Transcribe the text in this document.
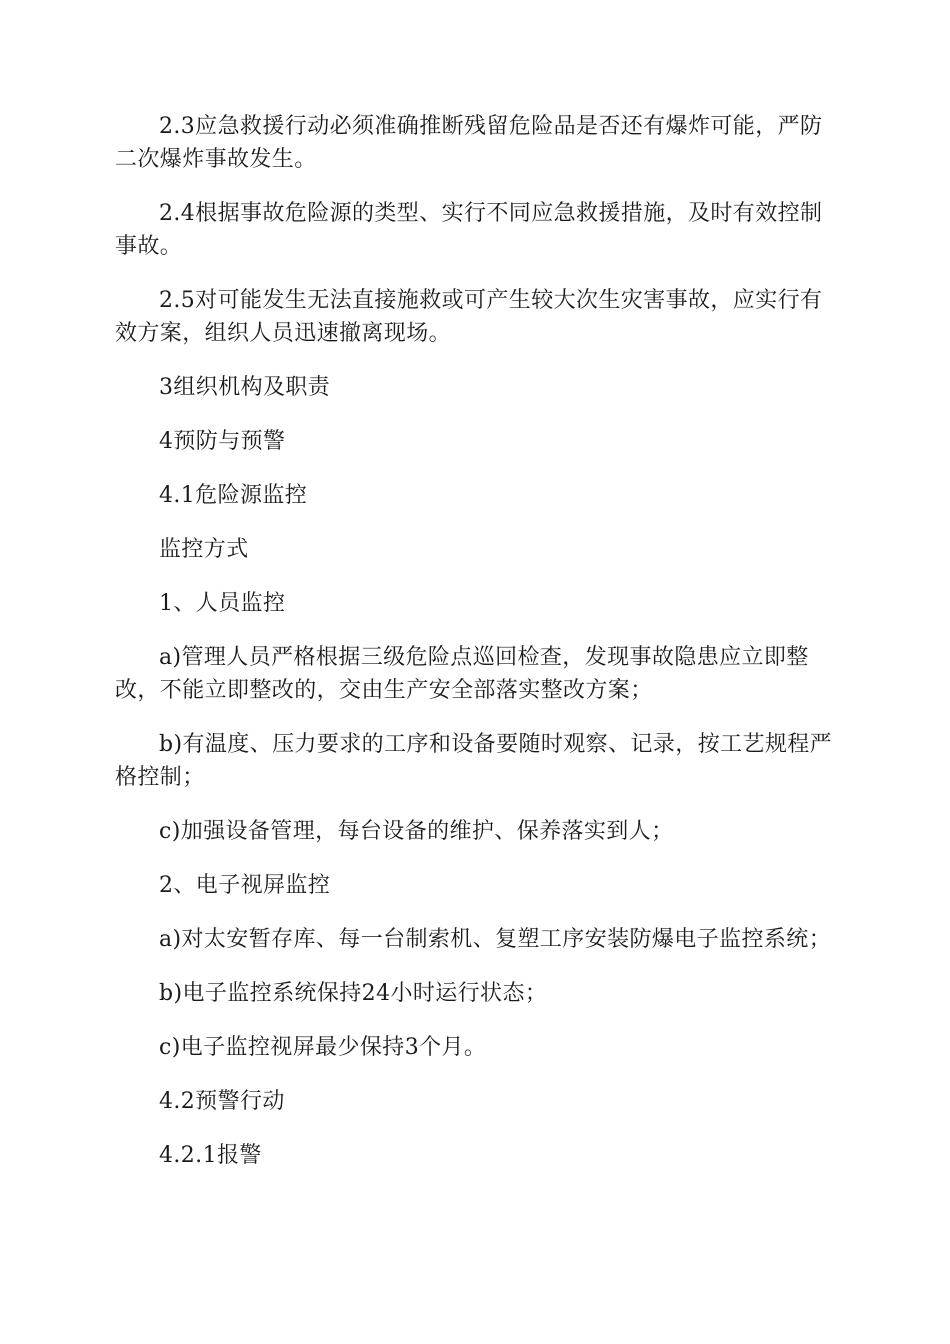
2.3应急救援行动必须准确推断残留危险品是否还有爆炸可能，严防二次爆炸事故发生。

2.4根据事故危险源的类型、实行不同应急救援措施，及时有效控制事故。

2.5对可能发生无法直接施救或可产生较大次生灾害事故，应实行有效方案，组织人员迅速撤离现场。

3组织机构及职责

4预防与预警

4.1危险源监控

监控方式

1、人员监控

a)管理人员严格根据三级危险点巡回检查，发现事故隐患应立即整改，不能立即整改的，交由生产安全部落实整改方案；

b)有温度、压力要求的工序和设备要随时观察、记录，按工艺规程严格控制；

c)加强设备管理，每台设备的维护、保养落实到人；

2、电子视屏监控

a)对太安暂存库、每一台制索机、复塑工序安装防爆电子监控系统；

b)电子监控系统保持24小时运行状态；

c)电子监控视屏最少保持3个月。

4.2预警行动

4.2.1报警
